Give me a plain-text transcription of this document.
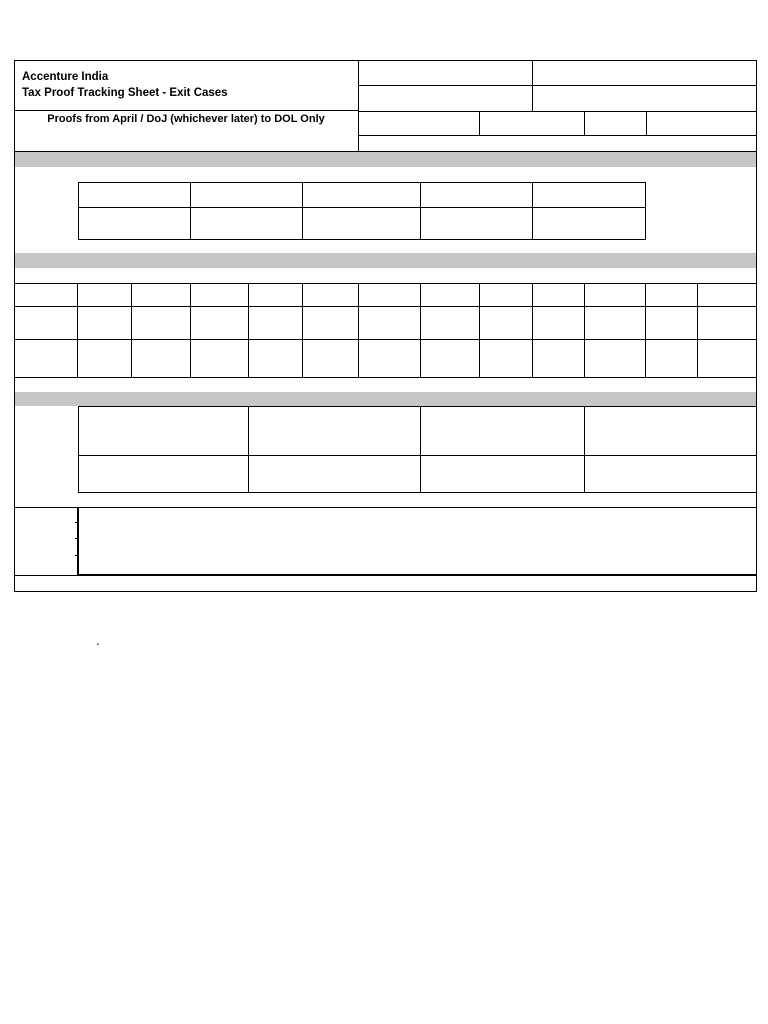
Accenture India
Tax Proof Tracking Sheet - Exit Cases
Proofs from April / DoJ (whichever later) to DOL Only
.
